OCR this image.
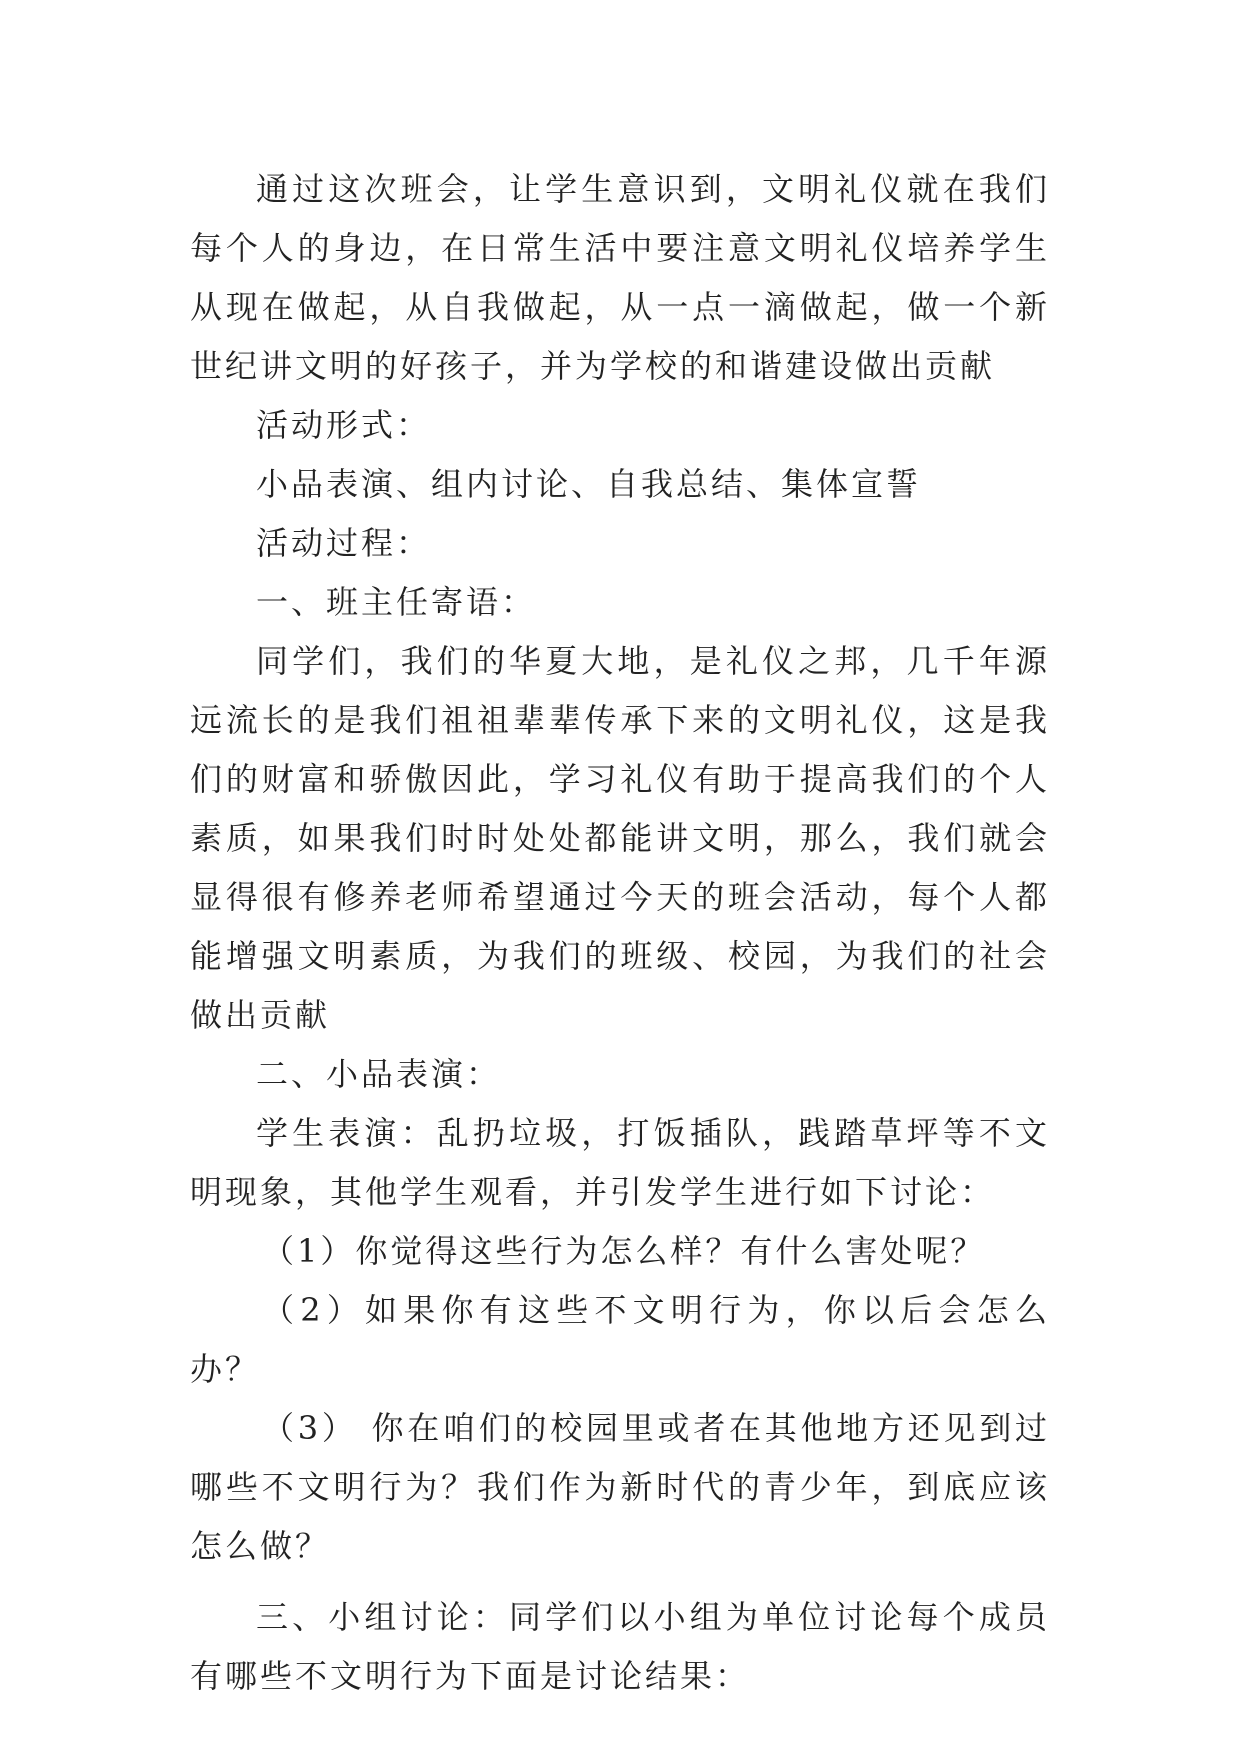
通过这次班会，让学生意识到，文明礼仪就在我们每个人的身边，在日常生活中要注意文明礼仪培养学生从现在做起，从自我做起，从一点一滴做起，做一个新世纪讲文明的好孩子，并为学校的和谐建设做出贡献

活动形式：

小品表演、组内讨论、自我总结、集体宣誓

活动过程：

一、班主任寄语：

同学们，我们的华夏大地，是礼仪之邦，几千年源远流长的是我们祖祖辈辈传承下来的文明礼仪，这是我们的财富和骄傲因此，学习礼仪有助于提高我们的个人素质，如果我们时时处处都能讲文明，那么，我们就会显得很有修养老师希望通过今天的班会活动，每个人都能增强文明素质，为我们的班级、校园，为我们的社会做出贡献

二、小品表演：

学生表演：乱扔垃圾，打饭插队，践踏草坪等不文明现象，其他学生观看，并引发学生进行如下讨论：

（1）你觉得这些行为怎么样？有什么害处呢？

（2）如果你有这些不文明行为，你以后会怎么办？

（3） 你在咱们的校园里或者在其他地方还见到过哪些不文明行为？我们作为新时代的青少年，到底应该怎么做？

三、小组讨论：同学们以小组为单位讨论每个成员有哪些不文明行为下面是讨论结果：
